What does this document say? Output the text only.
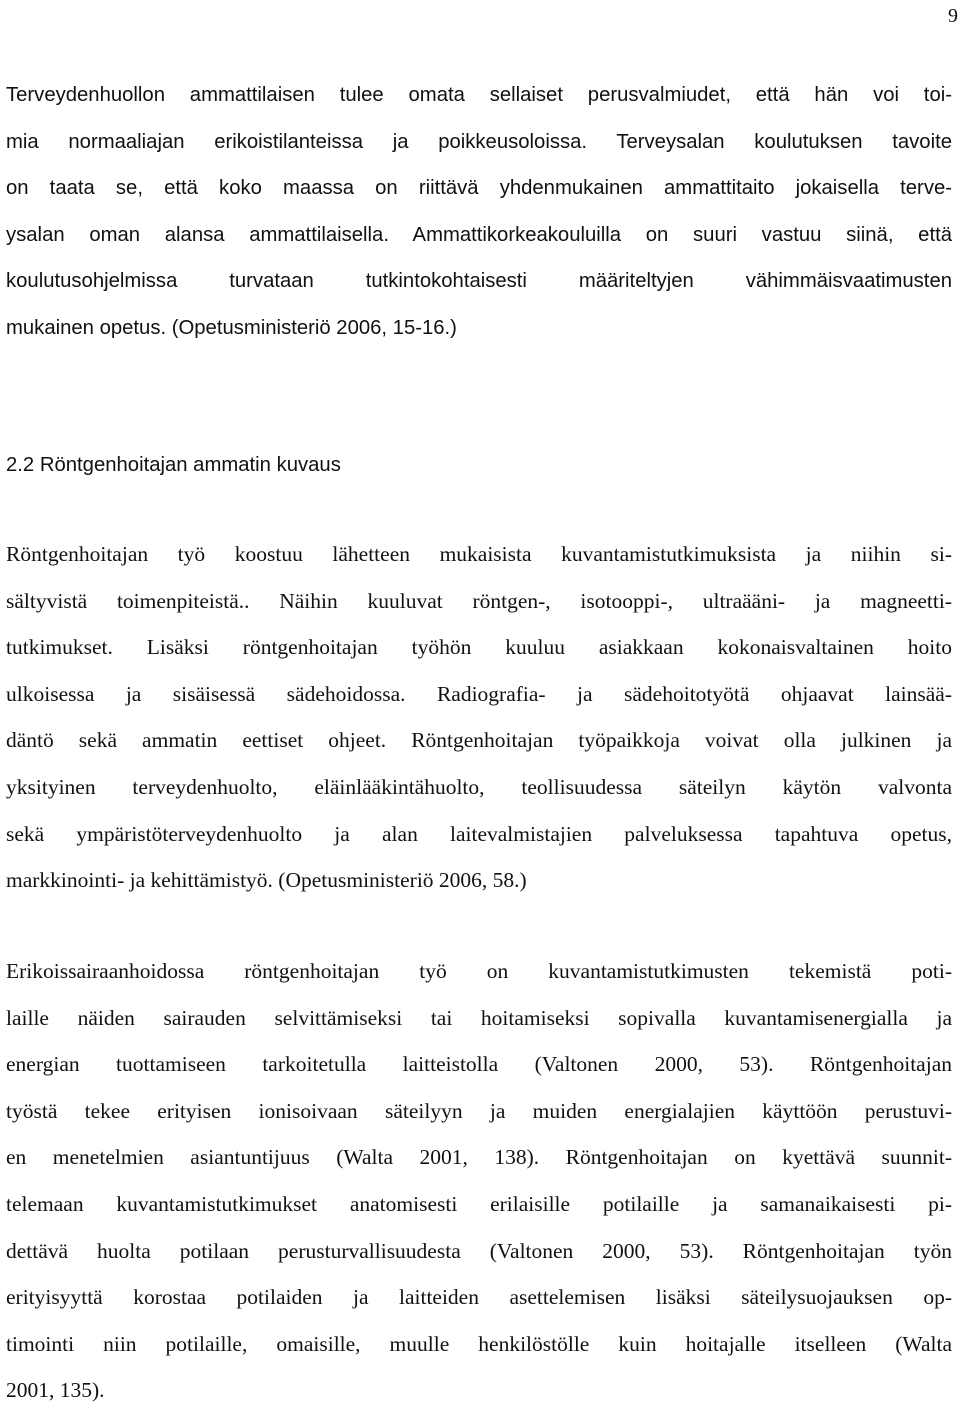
9
Terveydenhuollon ammattilaisen tulee omata sellaiset perusvalmiudet, että hän voi toi-
mia normaaliajan erikoistilanteissa ja poikkeusoloissa. Terveysalan koulutuksen tavoite
on taata se, että koko maassa on riittävä yhdenmukainen ammattitaito jokaisella terve-
ysalan oman alansa ammattilaisella. Ammattikorkeakouluilla on suuri vastuu siinä, että
koulutusohjelmissa turvataan tutkintokohtaisesti määriteltyjen vähimmäisvaatimusten
mukainen opetus. (Opetusministeriö 2006, 15-16.)
2.2 Röntgenhoitajan ammatin kuvaus
Röntgenhoitajan työ koostuu lähetteen mukaisista kuvantamistutkimuksista ja niihin si-
sältyvistä toimenpiteistä.. Näihin kuuluvat röntgen-, isotooppi-, ultraääni- ja magneetti-
tutkimukset. Lisäksi röntgenhoitajan työhön kuuluu asiakkaan kokonaisvaltainen hoito
ulkoisessa ja sisäisessä sädehoidossa. Radiografia- ja sädehoitotyötä ohjaavat lainsää-
däntö sekä ammatin eettiset ohjeet. Röntgenhoitajan työpaikkoja voivat olla julkinen ja
yksityinen terveydenhuolto, eläinlääkintähuolto, teollisuudessa säteilyn käytön valvonta
sekä ympäristöterveydenhuolto ja alan laitevalmistajien palveluksessa tapahtuva opetus,
markkinointi- ja kehittämistyö. (Opetusministeriö 2006, 58.)
Erikoissairaanhoidossa röntgenhoitajan työ on kuvantamistutkimusten tekemistä poti-
laille näiden sairauden selvittämiseksi tai hoitamiseksi sopivalla kuvantamisenergialla ja
energian tuottamiseen tarkoitetulla laitteistolla (Valtonen 2000, 53). Röntgenhoitajan
työstä tekee erityisen ionisoivaan säteilyyn ja muiden energialajien käyttöön perustuvi-
en menetelmien asiantuntijuus (Walta 2001, 138). Röntgenhoitajan on kyettävä suunnit-
telemaan kuvantamistutkimukset anatomisesti erilaisille potilaille ja samanaikaisesti pi-
dettävä huolta potilaan perusturvallisuudesta (Valtonen 2000, 53). Röntgenhoitajan työn
erityisyyttä korostaa potilaiden ja laitteiden asettelemisen lisäksi säteilysuojauksen op-
timointi niin potilaille, omaisille, muulle henkilöstölle kuin hoitajalle itselleen (Walta
2001, 135).
